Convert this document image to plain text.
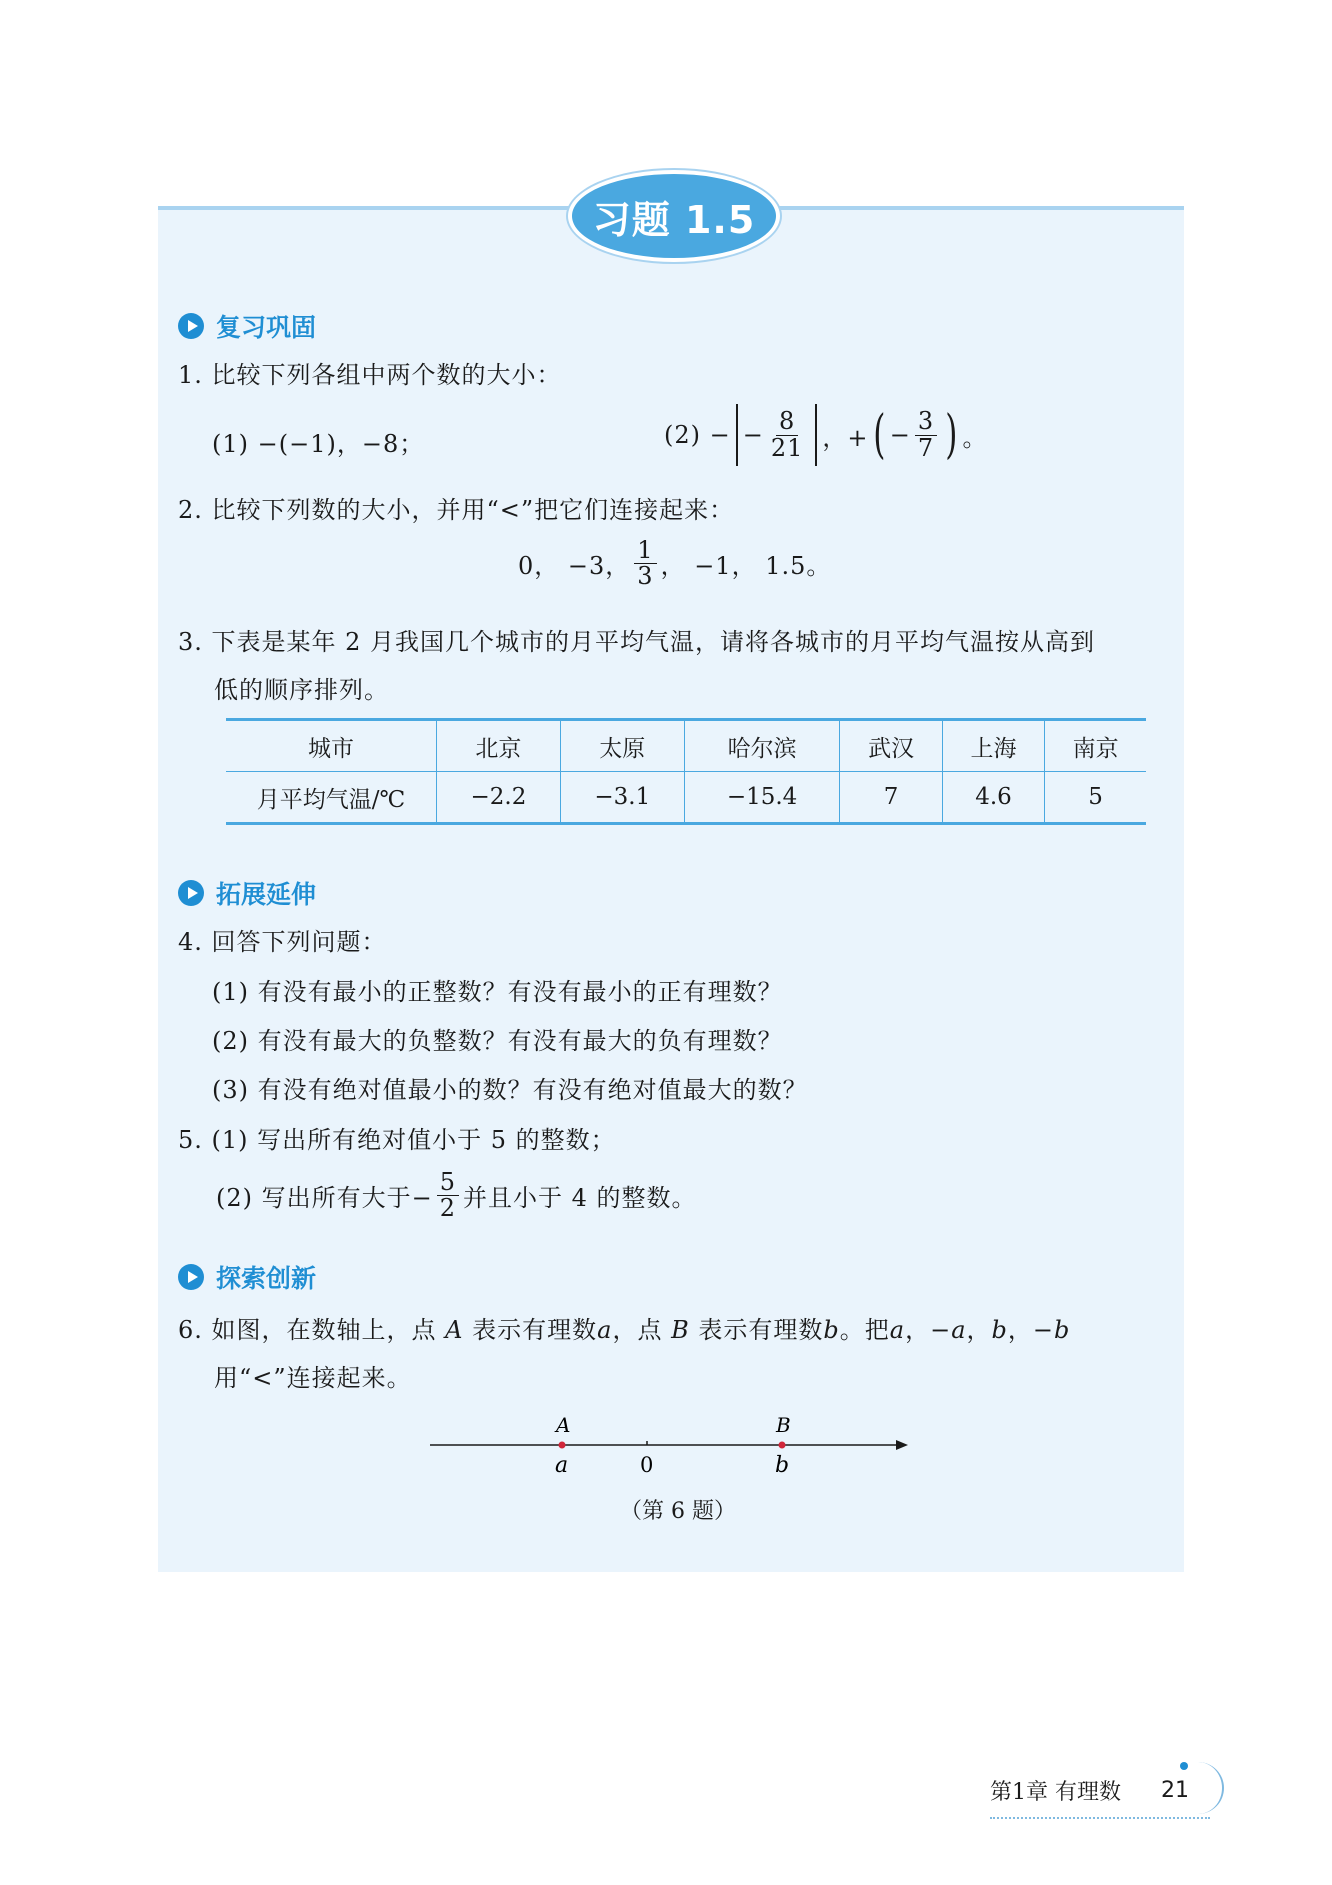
习题 1.5
复习巩固
1. 比较下列各组中两个数的大小：
(1) −(−1)，−8；	(2) − − $\frac{8}{21}$ ，+ ( − $\frac{3}{7}$ ) 。
2. 比较下列数的大小，并用“<”把它们连接起来：
0， −3， $\frac{1}{3}$ ， −1， 1.5。
3. 下表是某年 2 月我国几个城市的月平均气温，请将各城市的月平均气温按从高到
低的顺序排列。
城市	北京	太原	哈尔滨	武汉	上海	南京
月平均气温/℃	−2.2	−3.1	−15.4	7	4.6	5
拓展延伸
4. 回答下列问题：
(1) 有没有最小的正整数？有没有最小的正有理数？
(2) 有没有最大的负整数？有没有最大的负有理数？
(3) 有没有绝对值最小的数？有没有绝对值最大的数？
5. (1) 写出所有绝对值小于 5 的整数；
(2) 写出所有大于− $\frac{5}{2}$ 并且小于 4 的整数。
探索创新
6. 如图，在数轴上，点 A 表示有理数a，点 B 表示有理数b。把a，−a，b，−b
用“<”连接起来。
A	B
a	0	b
（第 6 题）
第1章 有理数 21
